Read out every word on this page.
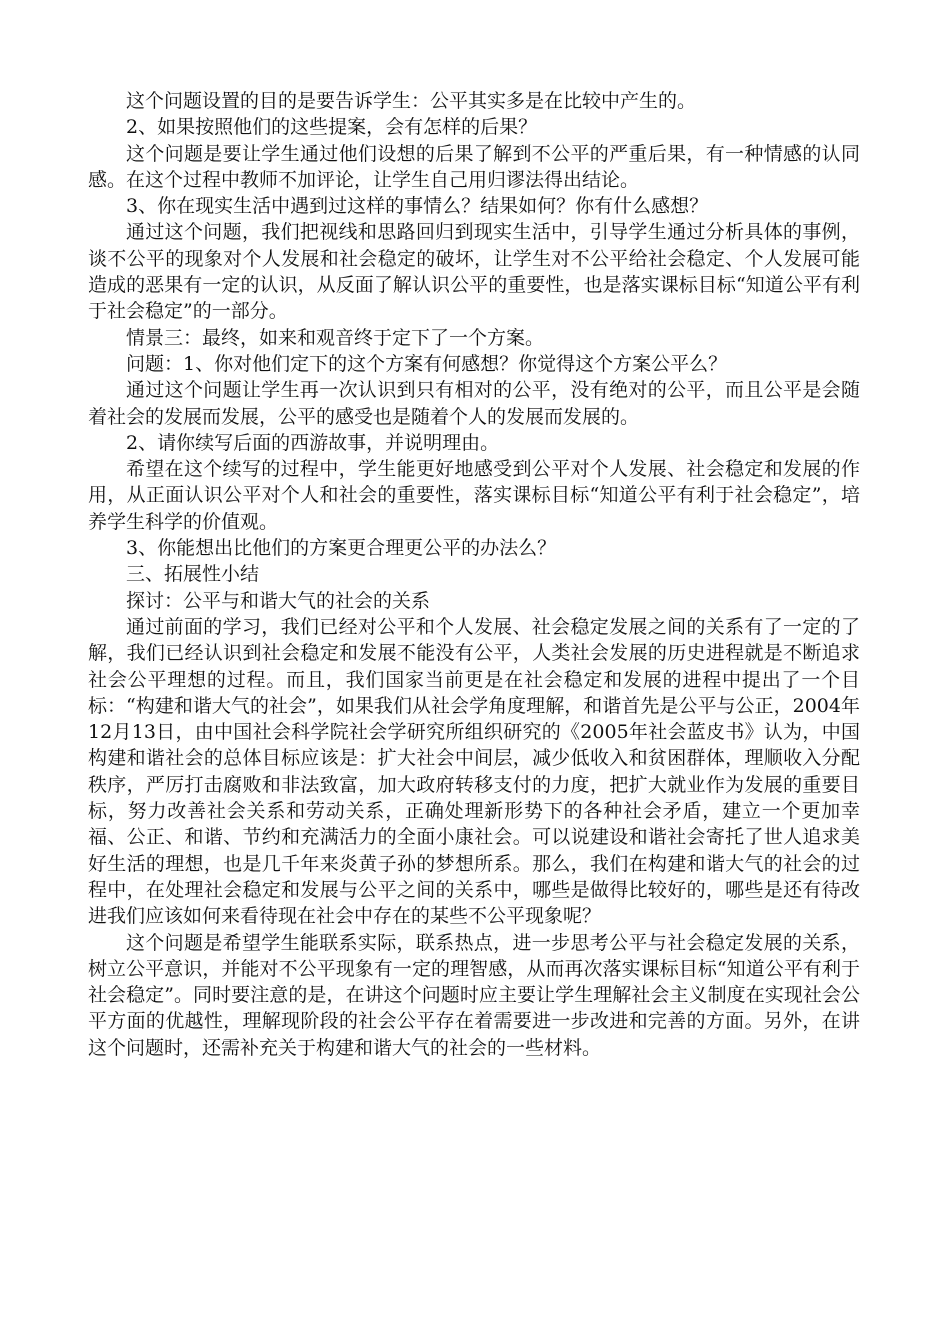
这个问题设置的目的是要告诉学生：公平其实多是在比较中产生的。

2、如果按照他们的这些提案，会有怎样的后果？

这个问题是要让学生通过他们设想的后果了解到不公平的严重后果，有一种情感的认同感。在这个过程中教师不加评论，让学生自己用归谬法得出结论。

3、你在现实生活中遇到过这样的事情么？结果如何？你有什么感想？

通过这个问题，我们把视线和思路回归到现实生活中，引导学生通过分析具体的事例，谈不公平的现象对个人发展和社会稳定的破坏，让学生对不公平给社会稳定、个人发展可能造成的恶果有一定的认识，从反面了解认识公平的重要性，也是落实课标目标“知道公平有利于社会稳定”的一部分。

情景三：最终，如来和观音终于定下了一个方案。

问题：1、你对他们定下的这个方案有何感想？你觉得这个方案公平么？

通过这个问题让学生再一次认识到只有相对的公平，没有绝对的公平，而且公平是会随着社会的发展而发展，公平的感受也是随着个人的发展而发展的。

2、请你续写后面的西游故事，并说明理由。

希望在这个续写的过程中，学生能更好地感受到公平对个人发展、社会稳定和发展的作用，从正面认识公平对个人和社会的重要性，落实课标目标“知道公平有利于社会稳定”，培养学生科学的价值观。

3、你能想出比他们的方案更合理更公平的办法么？

三、拓展性小结

探讨：公平与和谐大气的社会的关系

通过前面的学习，我们已经对公平和个人发展、社会稳定发展之间的关系有了一定的了解，我们已经认识到社会稳定和发展不能没有公平，人类社会发展的历史进程就是不断追求社会公平理想的过程。而且，我们国家当前更是在社会稳定和发展的进程中提出了一个目标：“构建和谐大气的社会”，如果我们从社会学角度理解，和谐首先是公平与公正，2004年12月13日，由中国社会科学院社会学研究所组织研究的《2005年社会蓝皮书》认为，中国构建和谐社会的总体目标应该是：扩大社会中间层，减少低收入和贫困群体，理顺收入分配秩序，严厉打击腐败和非法致富，加大政府转移支付的力度，把扩大就业作为发展的重要目标，努力改善社会关系和劳动关系，正确处理新形势下的各种社会矛盾，建立一个更加幸福、公正、和谐、节约和充满活力的全面小康社会。可以说建设和谐社会寄托了世人追求美好生活的理想，也是几千年来炎黄子孙的梦想所系。那么，我们在构建和谐大气的社会的过程中，在处理社会稳定和发展与公平之间的关系中，哪些是做得比较好的，哪些是还有待改进我们应该如何来看待现在社会中存在的某些不公平现象呢？

这个问题是希望学生能联系实际，联系热点，进一步思考公平与社会稳定发展的关系，树立公平意识，并能对不公平现象有一定的理智感，从而再次落实课标目标“知道公平有利于社会稳定”。同时要注意的是，在讲这个问题时应主要让学生理解社会主义制度在实现社会公平方面的优越性，理解现阶段的社会公平存在着需要进一步改进和完善的方面。另外，在讲这个问题时，还需补充关于构建和谐大气的社会的一些材料。
